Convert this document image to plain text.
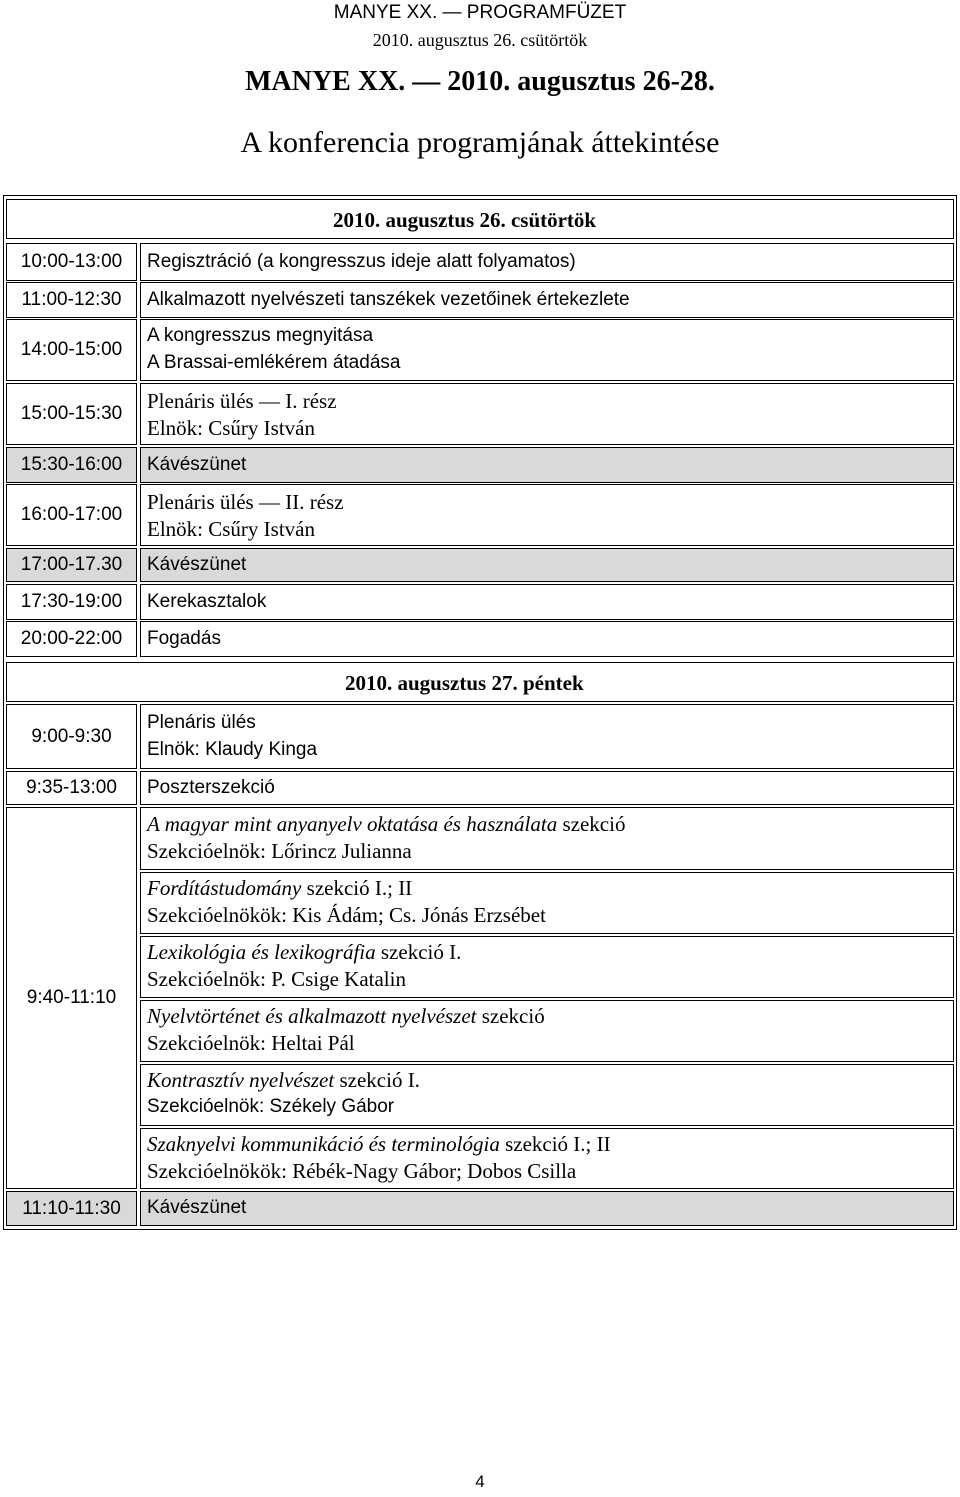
MANYE XX. — PROGRAMFÜZET
2010. augusztus 26. csütörtök
MANYE XX. — 2010. augusztus 26-28.
A konferencia programjának áttekintése
2010. augusztus 26. csütörtök
10:00-13:00 Regisztráció (a kongresszus ideje alatt folyamatos)
11:00-12:30 Alkalmazott nyelvészeti tanszékek vezetőinek értekezlete
14:00-15:00
A kongresszus megnyitása
A Brassai-emlékérem átadása
15:00-15:30
Plenáris ülés — I. rész
Elnök: Csűry István
15:30-16:00 Kávészünet
16:00-17:00
Plenáris ülés — II. rész
Elnök: Csűry István
17:00-17.30 Kávészünet
17:30-19:00 Kerekasztalok
20:00-22:00 Fogadás
2010. augusztus 27. péntek
9:00-9:30
Plenáris ülés
Elnök: Klaudy Kinga
9:35-13:00 Poszterszekció
9:40-11:10
A magyar mint anyanyelv oktatása és használata szekció
Szekcióelnök: Lőrincz Julianna
Fordítástudomány szekció I.; II
Szekcióelnökök: Kis Ádám; Cs. Jónás Erzsébet
Lexikológia és lexikográfia szekció I.
Szekcióelnök: P. Csige Katalin
Nyelvtörténet és alkalmazott nyelvészet szekció
Szekcióelnök: Heltai Pál
Kontrasztív nyelvészet szekció I.
Szekcióelnök: Székely Gábor
Szaknyelvi kommunikáció és terminológia szekció I.; II
Szekcióelnökök: Rébék-Nagy Gábor; Dobos Csilla
11:10-11:30 Kávészünet
4
